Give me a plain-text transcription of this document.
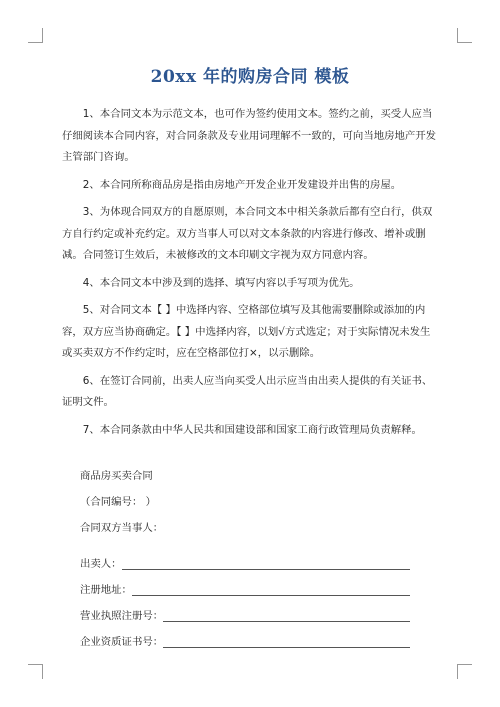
20xx 年的购房合同 模板

1、本合同文本为示范文本，也可作为签约使用文本。签约之前，买受人应当仔细阅读本合同内容，对合同条款及专业用词理解不一致的，可向当地房地产开发主管部门咨询。

2、本合同所称商品房是指由房地产开发企业开发建设并出售的房屋。

3、为体现合同双方的自愿原则，本合同文本中相关条款后都有空白行，供双方自行约定或补充约定。双方当事人可以对文本条款的内容进行修改、增补或删减。合同签订生效后，未被修改的文本印刷文字视为双方同意内容。

4、本合同文本中涉及到的选择、填写内容以手写项为优先。

5、对合同文本【 】中选择内容、空格部位填写及其他需要删除或添加的内容，双方应当协商确定。【 】中选择内容，以划√方式选定；对于实际情况未发生或买卖双方不作约定时，应在空格部位打×，以示删除。

6、在签订合同前，出卖人应当向买受人出示应当由出卖人提供的有关证书、证明文件。

7、本合同条款由中华人民共和国建设部和国家工商行政管理局负责解释。

商品房买卖合同
（合同编号： ）
合同双方当事人：
出卖人：
注册地址：
营业执照注册号：
企业资质证书号：
